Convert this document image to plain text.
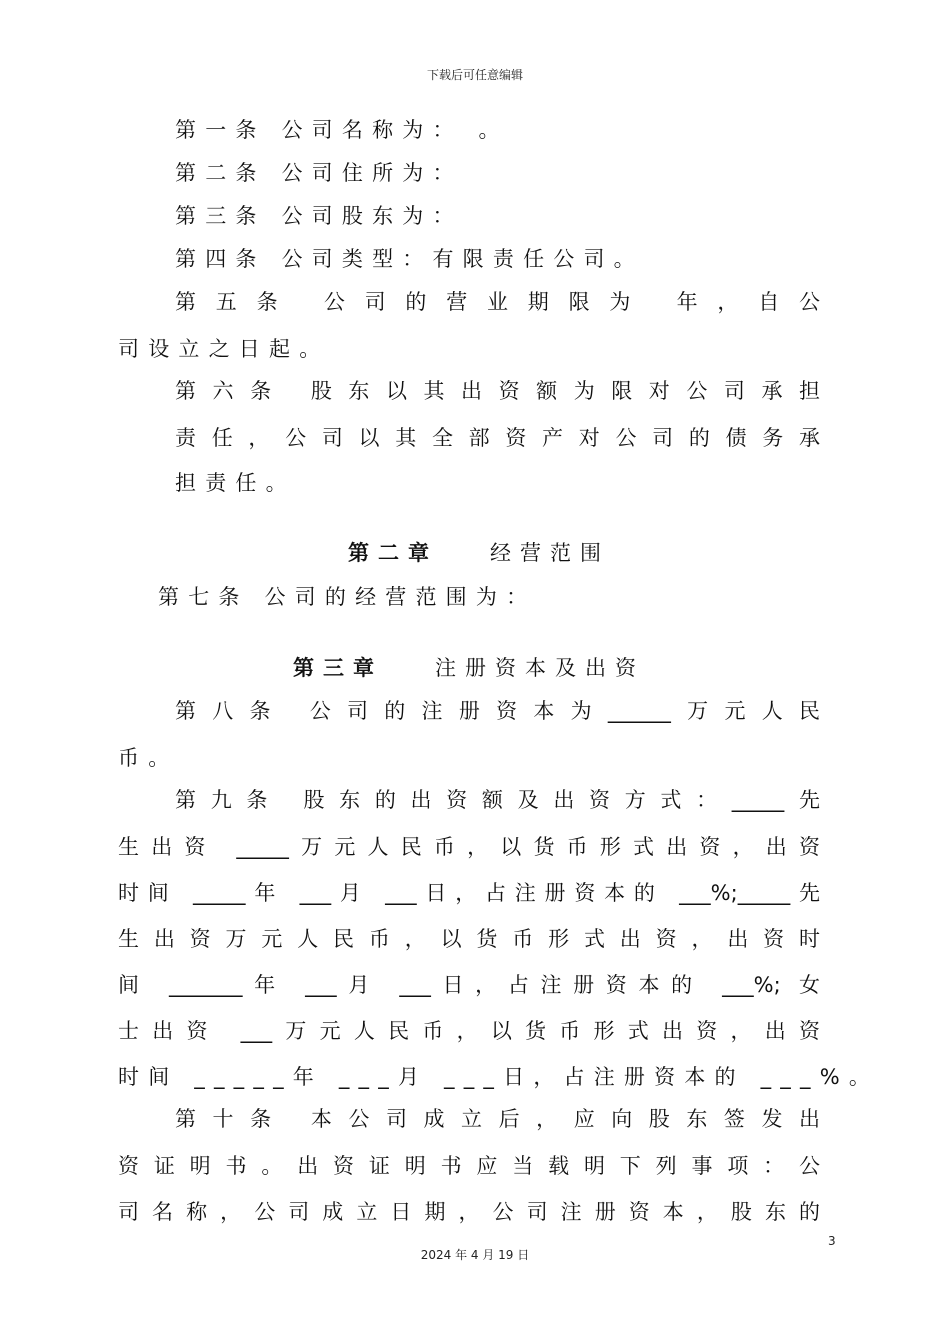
下载后可任意编辑
第一条 公司名称为： 。
第二条 公司住所为：
第三条 公司股东为：
第四条 公司类型：有限责任公司。
第五条 公司的营业期限为 年，自公
司设立之日起。
第六条 股东以其出资额为限对公司承担
责任，公司以其全部资产对公司的债务承
担责任。
第二章 经营范围
第七条 公司的经营范围为：
第三章 注册资本及出资
第八条 公司的注册资本为______万元人民
币。
第九条 股东的出资额及出资方式：_____先
生出资 _____万元人民币，以货币形式出资，出资
时间 _____年 ___月 ___日，占注册资本的 ___%;_____先
生出资万元人民币，以货币形式出资，出资时
间 _______年 ___月 ___日，占注册资本的 ___%; 女
士出资 ___万元人民币，以货币形式出资，出资
时间 _____年 ___月 ___日，占注册资本的 ___%。
第十条 本公司成立后，应向股东签发出
资证明书。出资证明书应当载明下列事项：公
司名称，公司成立日期，公司注册资本，股东的
3
2024 年 4 月 19 日
